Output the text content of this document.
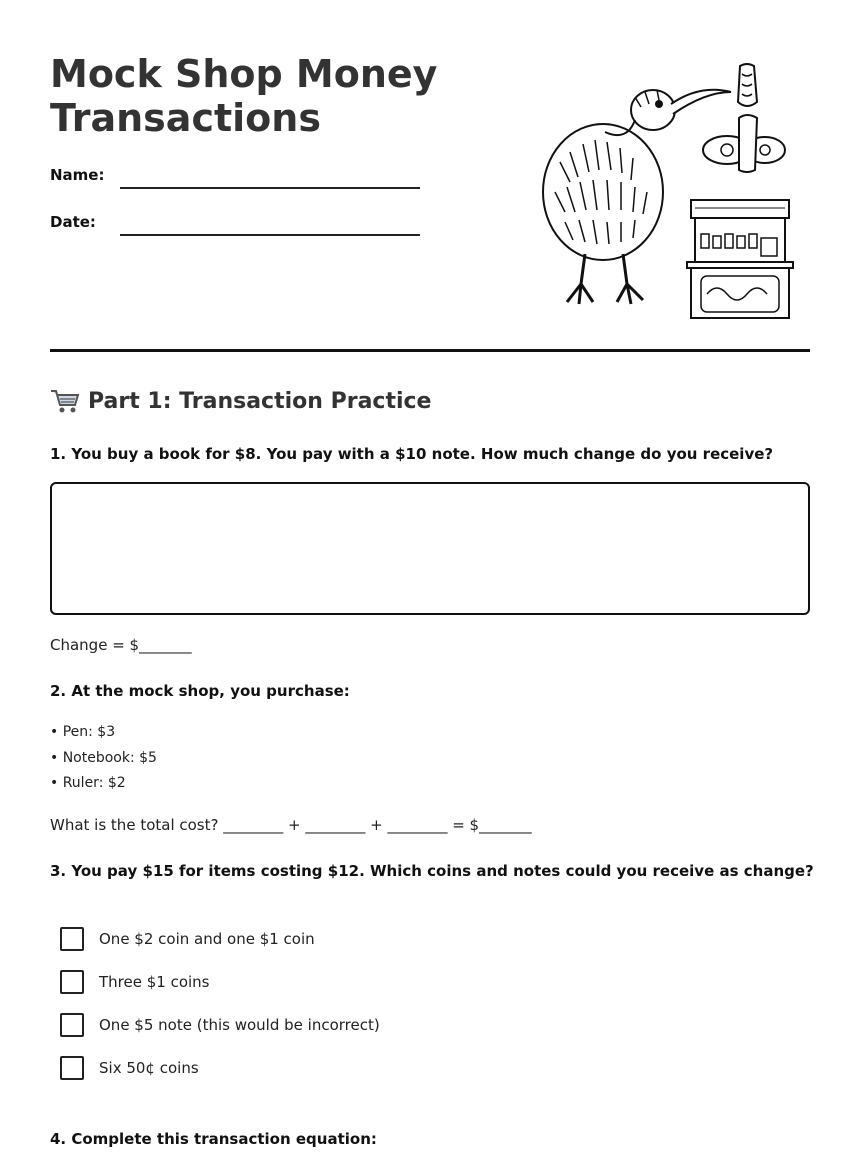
Mock Shop Money
Transactions
Name:
Date:
Part 1: Transaction Practice
1. You buy a book for $8. You pay with a $10 note. How much change do you receive?
Change = $_______
2. At the mock shop, you purchase:
• Pen: $3
• Notebook: $5
• Ruler: $2
What is the total cost? ________ + ________ + ________ = $_______
3. You pay $15 for items costing $12. Which coins and notes could you receive as change?
One $2 coin and one $1 coin
Three $1 coins
One $5 note (this would be incorrect)
Six 50¢ coins
4. Complete this transaction equation:
